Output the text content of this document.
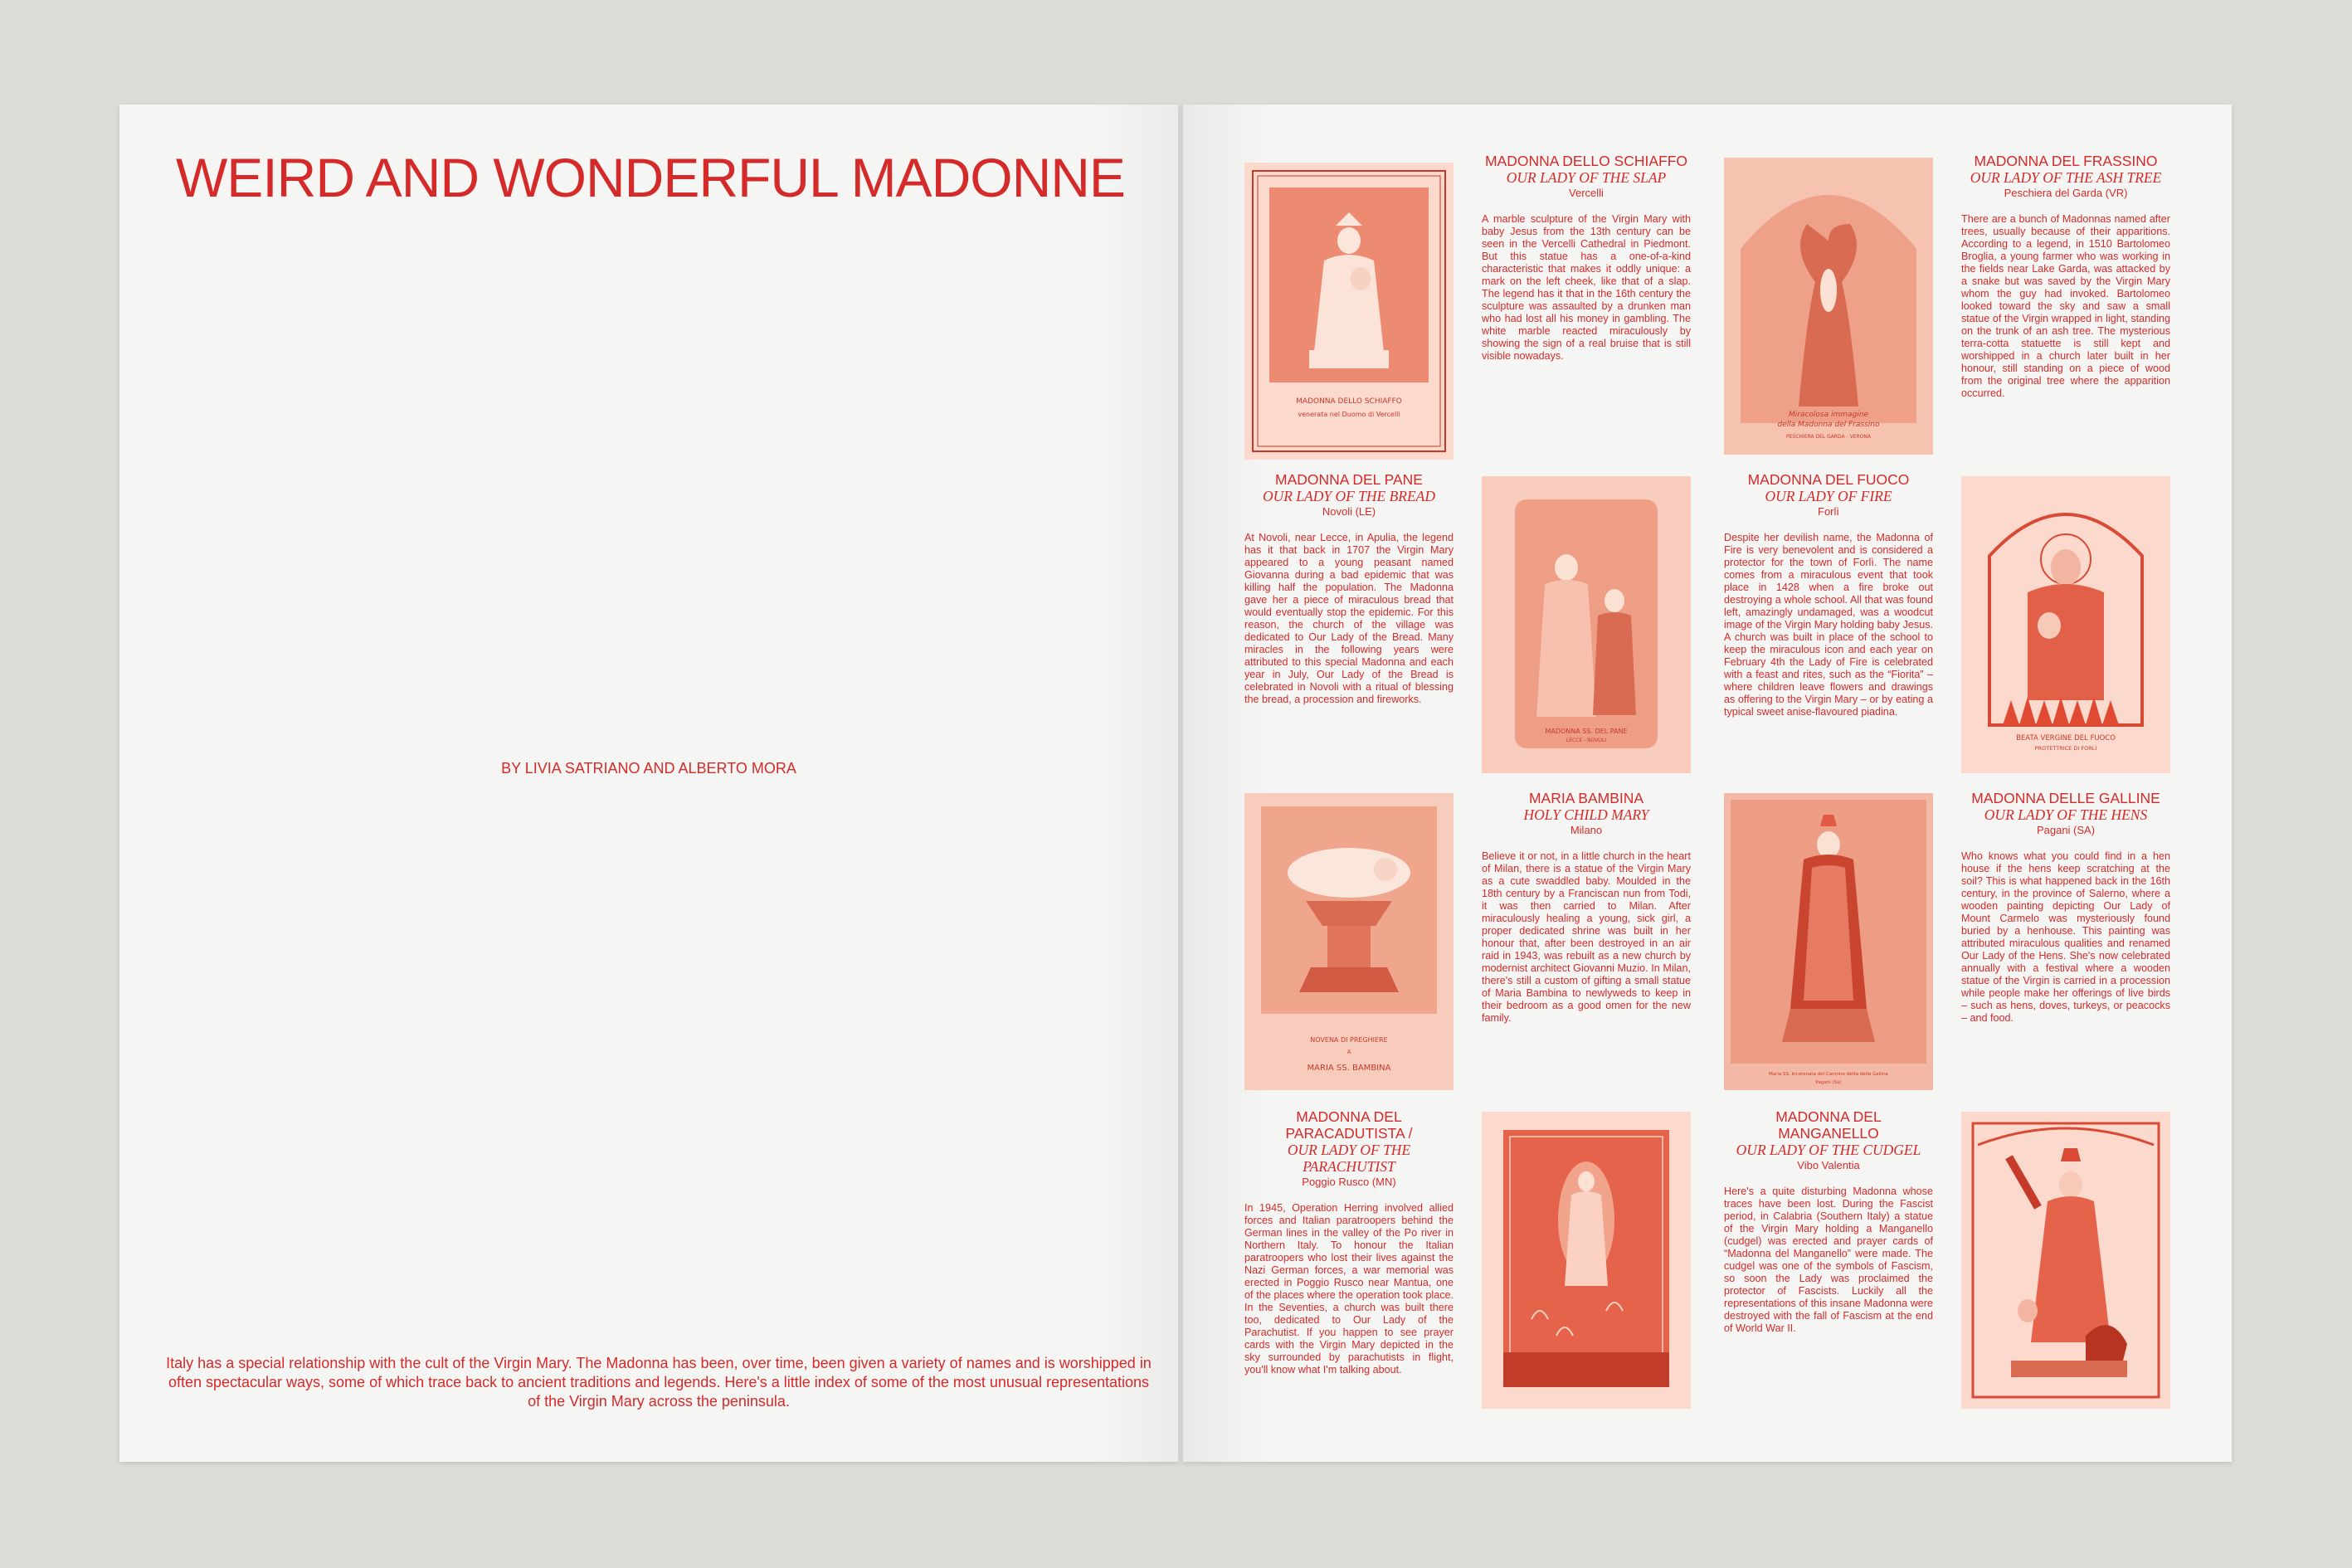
WEIRD AND WONDERFUL MADONNE
BY LIVIA SATRIANO AND ALBERTO MORA

Italy has a special relationship with the cult of the Virgin Mary. The Madonna has been, over time, been given a variety of names and is worshipped in often spectacular ways, some of which trace back to ancient traditions and legends. Here's a little index of some of the most unusual representations of the Virgin Mary across the peninsula.

MADONNA DELLO SCHIAFFO
venerata nel Duomo di Vercelli
MADONNA DELLO SCHIAFFO

OUR LADY OF THE SLAP

Vercelli

A marble sculpture of the Virgin Mary with baby Jesus from the 13th century can be seen in the Vercelli Cathedral in Piedmont. But this statue has a one-of-a-kind characteristic that makes it oddly unique: a mark on the left cheek, like that of a slap. The legend has it that in the 16th century the sculpture was assaulted by a drunken man who had lost all his money in gambling. The white marble reacted miraculously by showing the sign of a real bruise that is still visible nowadays.

Miracolosa immagine
della Madonna del Frassino
PESCHIERA DEL GARDA - VERONA
MADONNA DEL FRASSINO

OUR LADY OF THE ASH TREE

Peschiera del Garda (VR)

There are a bunch of Madonnas named after trees, usually because of their apparitions. According to a legend, in 1510 Bartolomeo Broglia, a young farmer who was working in the fields near Lake Garda, was attacked by a snake but was saved by the Virgin Mary whom the guy had invoked. Bartolomeo looked toward the sky and saw a small statue of the Virgin wrapped in light, standing on the trunk of an ash tree. The mysterious terra-cotta statuette is still kept and worshipped in a church later built in her honour, still standing on a piece of wood from the original tree where the apparition occurred.

MADONNA DEL PANE

OUR LADY OF THE BREAD

Novoli (LE)

At Novoli, near Lecce, in Apulia, the legend has it that back in 1707 the Virgin Mary appeared to a young peasant named Giovanna during a bad epidemic that was killing half the population. The Madonna gave her a piece of miraculous bread that would eventually stop the epidemic. For this reason, the church of the village was dedicated to Our Lady of the Bread. Many miracles in the following years were attributed to this special Madonna and each year in July, Our Lady of the Bread is celebrated in Novoli with a ritual of blessing the bread, a procession and fireworks.

MADONNA SS. DEL PANE
LECCE - NOVOLI
MADONNA DEL FUOCO

OUR LADY OF FIRE

Forlì

Despite her devilish name, the Madonna of Fire is very benevolent and is considered a protector for the town of Forlì. The name comes from a miraculous event that took place in 1428 when a fire broke out destroying a whole school. All that was found left, amazingly undamaged, was a woodcut image of the Virgin Mary holding baby Jesus. A church was built in place of the school to keep the miraculous icon and each year on February 4th the Lady of Fire is celebrated with a feast and rites, such as the “Fiorita” – where children leave flowers and drawings as offering to the Virgin Mary – or by eating a typical sweet anise-flavoured piadina.

BEATA VERGINE DEL FUOCO
PROTETTRICE DI FORLÌ
NOVENA DI PREGHIERE
A
MARIA SS. BAMBINA
MARIA BAMBINA

HOLY CHILD MARY

Milano

Believe it or not, in a little church in the heart of Milan, there is a statue of the Virgin Mary as a cute swaddled baby. Moulded in the 18th century by a Franciscan nun from Todi, it was then carried to Milan. After miraculously healing a young, sick girl, a proper dedicated shrine was built in her honour that, after been destroyed in an air raid in 1943, was rebuilt as a new church by modernist architect Giovanni Muzio. In Milan, there's still a custom of gifting a small statue of Maria Bambina to newlyweds to keep in their bedroom as a good omen for the new family.

Maria SS. Incoronata del Carmine detta delle Galline
Pagani (Sa)
MADONNA DELLE GALLINE

OUR LADY OF THE HENS

Pagani (SA)

Who knows what you could find in a hen house if the hens keep scratching at the soil? This is what happened back in the 16th century, in the province of Salerno, where a wooden painting depicting Our Lady of Mount Carmelo was mysteriously found buried by a henhouse. This painting was attributed miraculous qualities and renamed Our Lady of the Hens. She's now celebrated annually with a festival where a wooden statue of the Virgin is carried in a procession while people make her offerings of live birds – such as hens, doves, turkeys, or peacocks – and food.

MADONNA DEL PARACADUTISTA /

OUR LADY OF THE PARACHUTIST

Poggio Rusco (MN)

In 1945, Operation Herring involved allied forces and Italian paratroopers behind the German lines in the valley of the Po river in Northern Italy. To honour the Italian paratroopers who lost their lives against the Nazi German forces, a war memorial was erected in Poggio Rusco near Mantua, one of the places where the operation took place. In the Seventies, a church was built there too, dedicated to Our Lady of the Parachutist. If you happen to see prayer cards with the Virgin Mary depicted in the sky surrounded by parachutists in flight, you'll know what I'm talking about.

MADONNA DEL MANGANELLO

OUR LADY OF THE CUDGEL

Vibo Valentia

Here's a quite disturbing Madonna whose traces have been lost. During the Fascist period, in Calabria (Southern Italy) a statue of the Virgin Mary holding a Manganello (cudgel) was erected and prayer cards of “Madonna del Manganello” were made. The cudgel was one of the symbols of Fascism, so soon the Lady was proclaimed the protector of Fascists. Luckily all the representations of this insane Madonna were destroyed with the fall of Fascism at the end of World War II.
